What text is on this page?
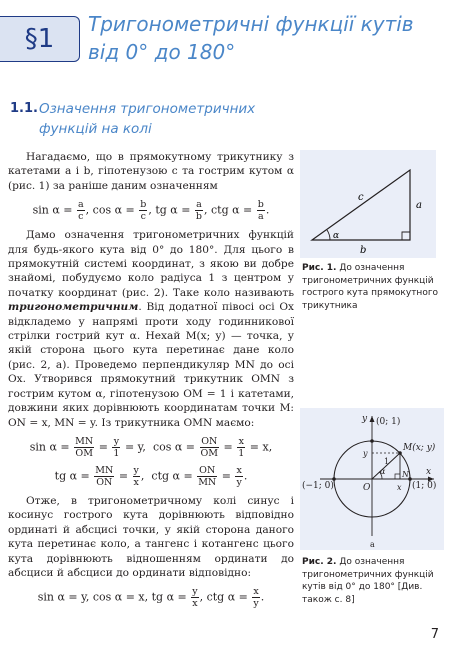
§1	Тригонометричні функції кутів від 0° до 180°
1.1. Означення тригонометричних функцій на колі

Нагадаємо, що в прямокутному трикутнику з катетами a і b, гіпотенузою c та гострим кутом α (рис. 1) за раніше даним означенням

$\sin \alpha = \frac{a}{c}$ , $\cos \alpha = \frac{b}{c}$ , tg $\alpha = \frac{a}{b}$ , ctg $\alpha = \frac{b}{a}$ .

Дамо означення тригонометричних функцій для будь-якого кута від 0° до 180°. Для цього в прямокутній системі координат, з якою ви добре знайомі, побудуємо коло радіуса 1 з центром у початку координат (рис. 2). Таке коло називають тригонометричним. Від додатної півосі осі Ox відкладемо у напрямі проти ходу годинникової стрілки гострий кут α. Нехай M(x; y) — точка, у якій сторона цього кута перетинає дане коло (рис. 2, a). Проведемо перпендикуляр MN до осі Ox. Утворився прямокутний трикутник OMN з гострим кутом α, гіпотенузою OM = 1 і катетами, довжини яких дорівнюють координатам точки M: ON = x, MN = y. Із трикутника OMN маємо:

$\sin \alpha = \frac{MN}{OM} = \frac{y}{1} = y$, $\cos \alpha = \frac{ON}{OM} = \frac{x}{1} = x$,
tg $\alpha = \frac{MN}{ON} = \frac{y}{x}$ , ctg $\alpha = \frac{ON}{MN} = \frac{x}{y}$ .

Отже, в тригонометричному колі синус і косинус гострого кута дорівнюють відповідно ординаті й абсцисі точки, у якій сторона даного кута перетинає коло, а тангенс і котангенс цього кута дорівнюють відношенням ординати до абсциси й абсциси до ординати відповідно:

sin α = y, cos α = x, tg $\alpha = \frac{y}{x}$ , ctg $\alpha = \frac{x}{y}$ .
c
a
b
α
Рис. 1. До означення тригонометричних функцій гострого кута прямокутного трикутника
y
x
(0; 1)
(−1; 0)	(1; 0)
M(x; y)
O
N
x
y
1
α
a
Рис. 2. До означення тригонометричних функцій кутів від 0° до 180° [Див. також с. 8]
7
